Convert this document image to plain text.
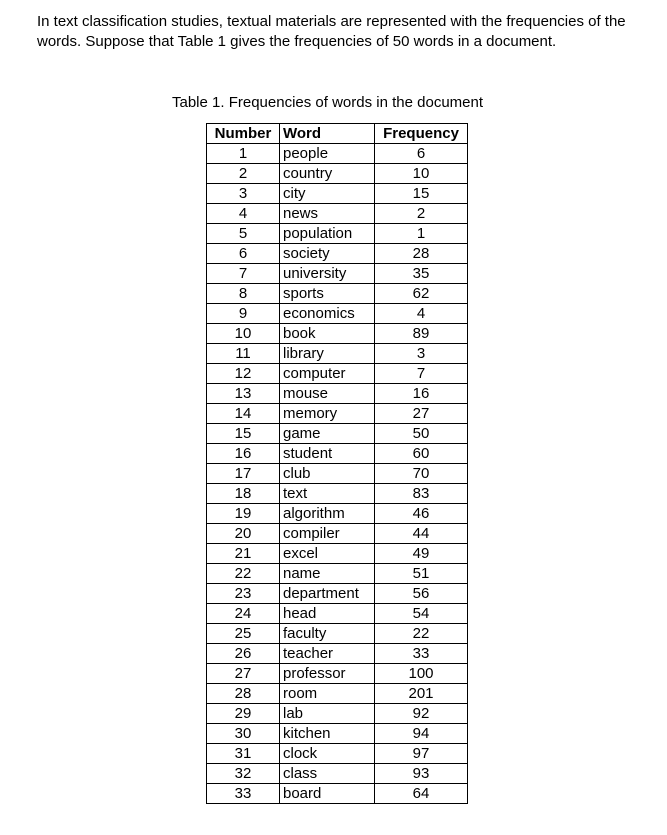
In text classification studies, textual materials are represented with the frequencies of the words. Suppose that Table 1 gives the frequencies of 50 words in a document.

Table 1. Frequencies of words in the document

Number	Word	Frequency
1	people	6
2	country	10
3	city	15
4	news	2
5	population	1
6	society	28
7	university	35
8	sports	62
9	economics	4
10	book	89
11	library	3
12	computer	7
13	mouse	16
14	memory	27
15	game	50
16	student	60
17	club	70
18	text	83
19	algorithm	46
20	compiler	44
21	excel	49
22	name	51
23	department	56
24	head	54
25	faculty	22
26	teacher	33
27	professor	100
28	room	201
29	lab	92
30	kitchen	94
31	clock	97
32	class	93
33	board	64
